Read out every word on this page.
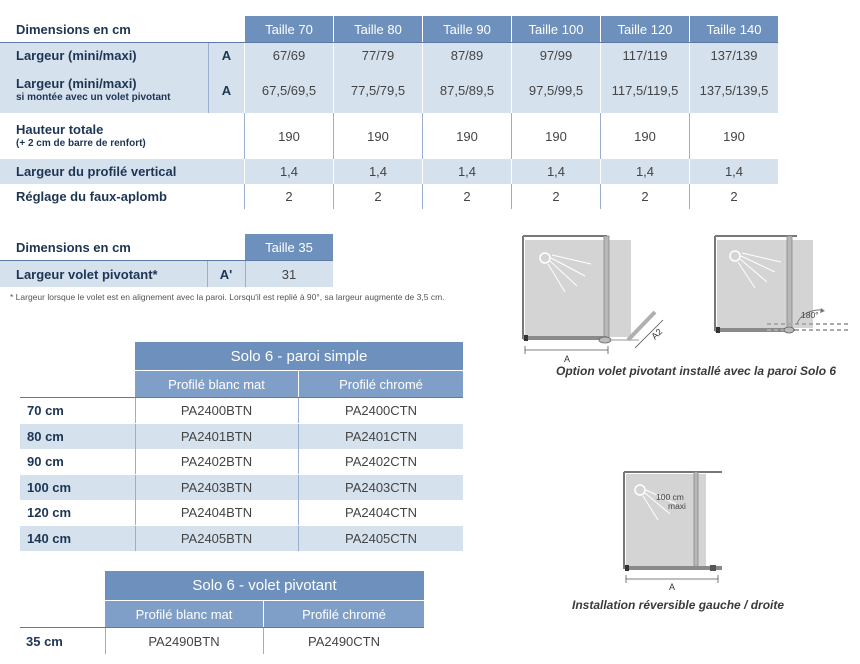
Dimensions en cm	Taille 70	Taille 80	Taille 90	Taille 100	Taille 120	Taille 140
Largeur (mini/maxi)	A	67/69	77/79	87/89	97/99	117/119	137/139
Largeur (mini/maxi)
si montée avec un volet pivotant	A	67,5/69,5	77,5/79,5	87,5/89,5	97,5/99,5	117,5/119,5	137,5/139,5
Hauteur totale
(+ 2 cm de barre de renfort)	190	190	190	190	190	190
Largeur du profilé vertical	1,4	1,4	1,4	1,4	1,4	1,4
Réglage du faux-aplomb	2	2	2	2	2	2
Dimensions en cm	Taille 35
Largeur volet pivotant*	A'	31
* Largeur lorsque le volet est en alignement avec la paroi. Lorsqu'il est replié à 90°, sa largeur augmente de 3,5 cm.
Solo 6 - paroi simple
Profilé blanc mat	Profilé chromé
70 cm	PA2400BTN	PA2400CTN
80 cm	PA2401BTN	PA2401CTN
90 cm	PA2402BTN	PA2402CTN
100 cm	PA2403BTN	PA2403CTN
120 cm	PA2404BTN	PA2404CTN
140 cm	PA2405BTN	PA2405CTN
Solo 6 - volet pivotant
Profilé blanc mat	Profilé chromé
35 cm	PA2490BTN	PA2490CTN
A
A2
180°
Option volet pivotant installé avec la paroi Solo 6
100 cm
maxi
A
Installation réversible gauche / droite
